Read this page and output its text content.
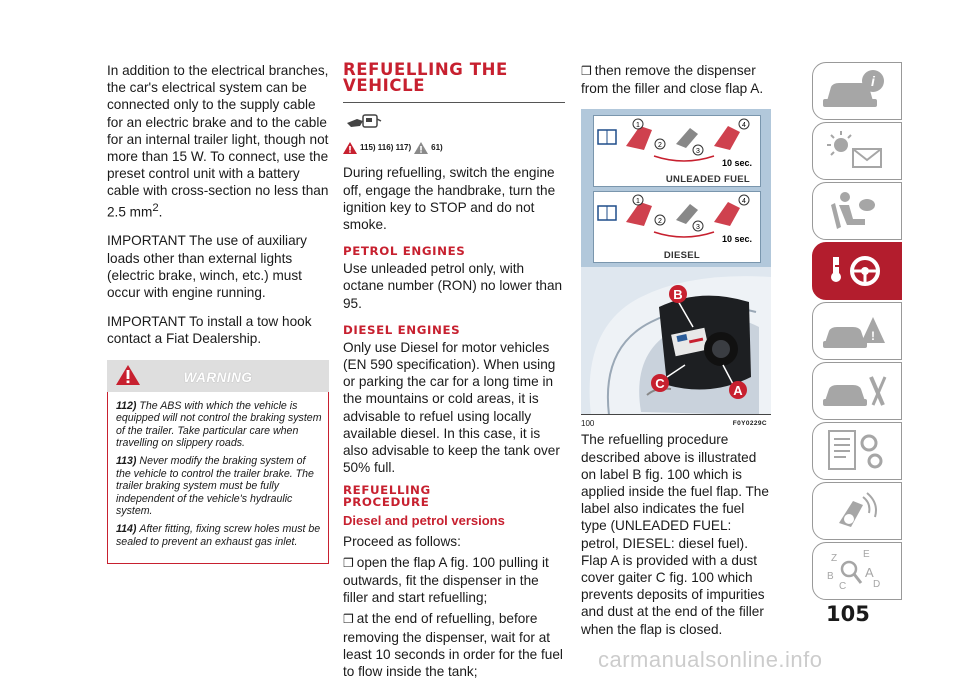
In addition to the electrical branches, the car's electrical system can be connected only to the supply cable for an electric brake and to the cable for an internal trailer light, though not more than 15 W. To connect, use the preset control unit with a battery cable with cross-section no less than 2.5 $mm^2$.

IMPORTANT The use of auxiliary loads other than external lights (electric brake, winch, etc.) must occur with engine running.

IMPORTANT To install a tow hook contact a Fiat Dealership.

WARNING

112) The ABS with which the vehicle is equipped will not control the braking system of the trailer. Take particular care when travelling on slippery roads.

113) Never modify the braking system of the vehicle to control the trailer brake. The trailer braking system must be fully independent of the vehicle's hydraulic system.

114) After fitting, fixing screw holes must be sealed to prevent an exhaust gas inlet.

REFUELLING THE VEHICLE
115) 116) 117)	61)

During refuelling, switch the engine off, engage the handbrake, turn the ignition key to STOP and do not smoke.

PETROL ENGINES

Use unleaded petrol only, with octane number (RON) no lower than 95.

DIESEL ENGINES

Only use Diesel for motor vehicles (EN 590 specification). When using or parking the car for a long time in the mountains or cold areas, it is advisable to refuel using locally available diesel. In this case, it is also advisable to keep the tank over 50% full.

REFUELLING PROCEDURE
Diesel and petrol versions

Proceed as follows:

❒ open the flap A fig. 100 pulling it outwards, fit the dispenser in the filler and start refuelling;

❒ at the end of refuelling, before removing the dispenser, wait for at least 10 seconds in order for the fuel to flow inside the tank;

❒ then remove the dispenser from the filler and close flap A.

1
2
3
4
10 sec.
UNLEADED FUEL
1
2
3
4
10 sec.
DIESEL
B
C	A
100	F0Y0229C

The refuelling procedure described above is illustrated on label B fig. 100 which is applied inside the fuel flap. The label also indicates the fuel type (UNLEADED FUEL: petrol, DIESEL: diesel fuel).

Flap A is provided with a dust cover gaiter C fig. 100 which prevents deposits of impurities and dust at the end of the filler when the flap is closed.

i
!
Z	E
B A
C	D
105
carmanualsonline.info
